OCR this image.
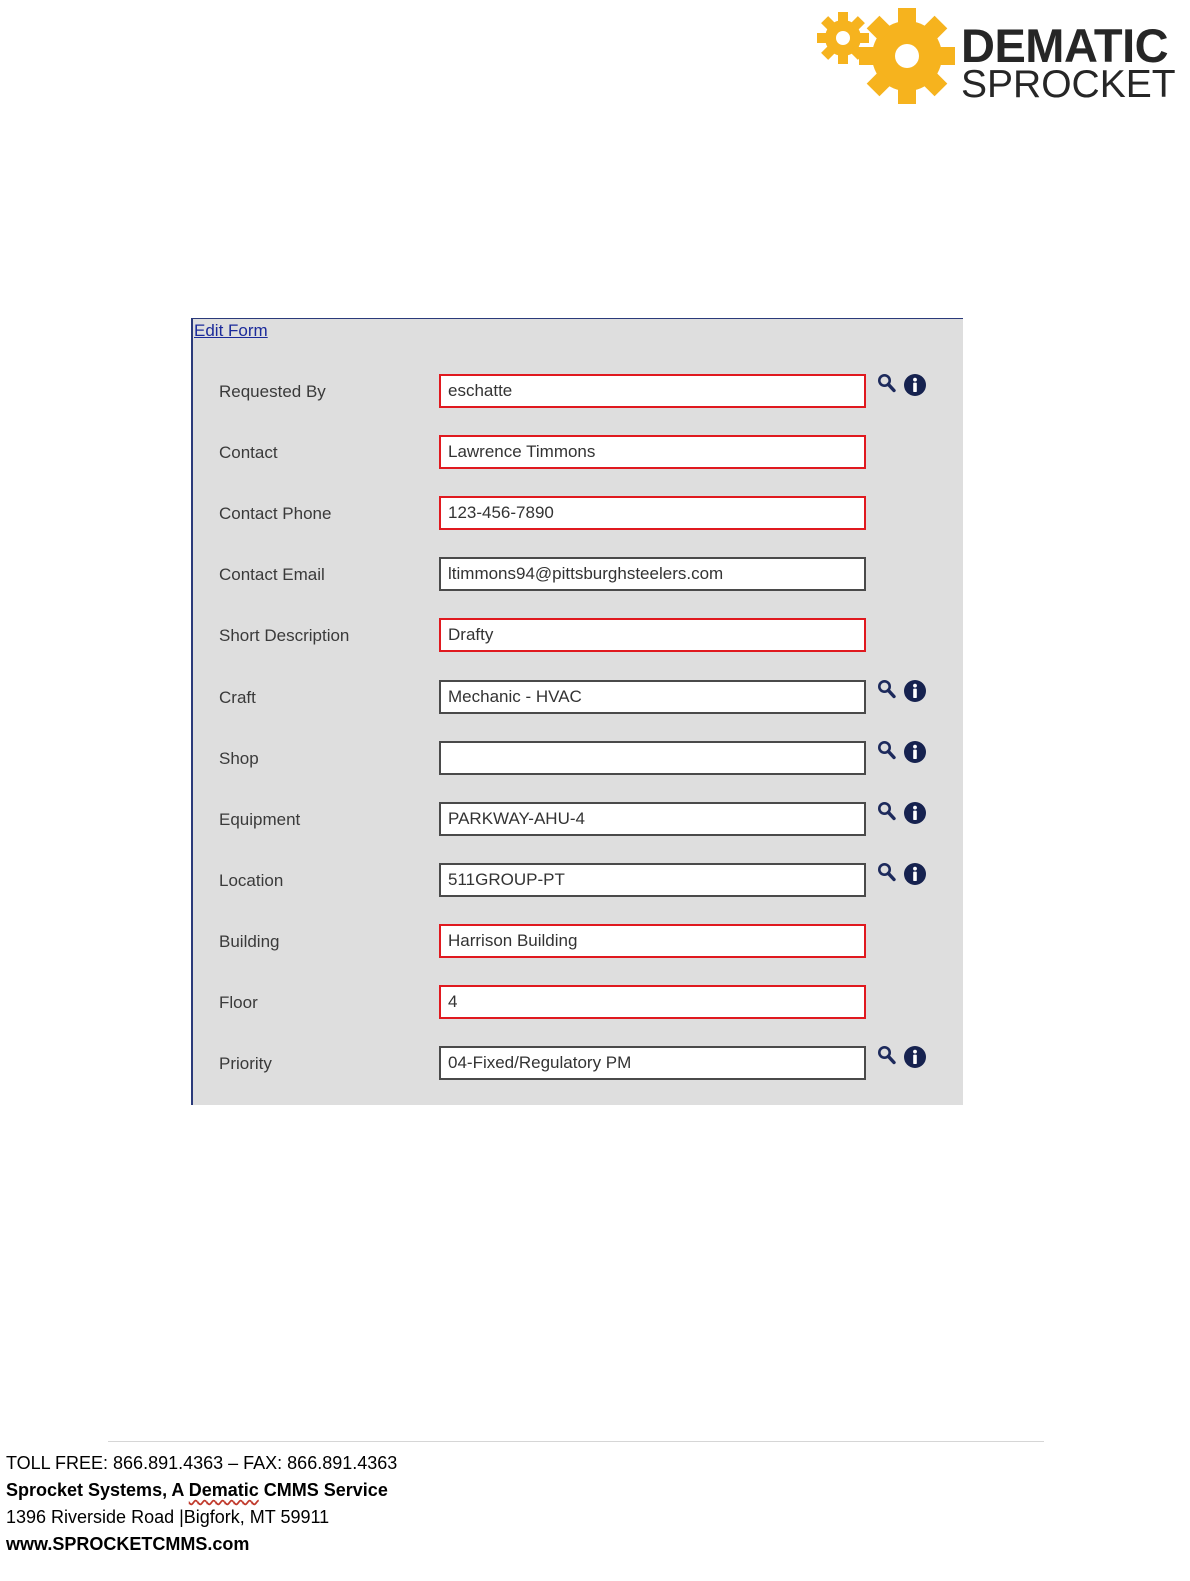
DEMATIC
SPROCKET
Edit Form
Requested By
eschatte
Contact
Lawrence Timmons
Contact Phone
123-456-7890
Contact Email
ltimmons94@pittsburghsteelers.com
Short Description
Drafty
Craft
Mechanic - HVAC
Shop
Equipment
PARKWAY-AHU-4
Location
511GROUP-PT
Building
Harrison Building
Floor
4
Priority
04-Fixed/Regulatory PM
TOLL FREE: 866.891.4363 – FAX: 866.891.4363
Sprocket Systems, A Dematic CMMS Service
1396 Riverside Road |Bigfork, MT 59911
www.SPROCKETCMMS.com
